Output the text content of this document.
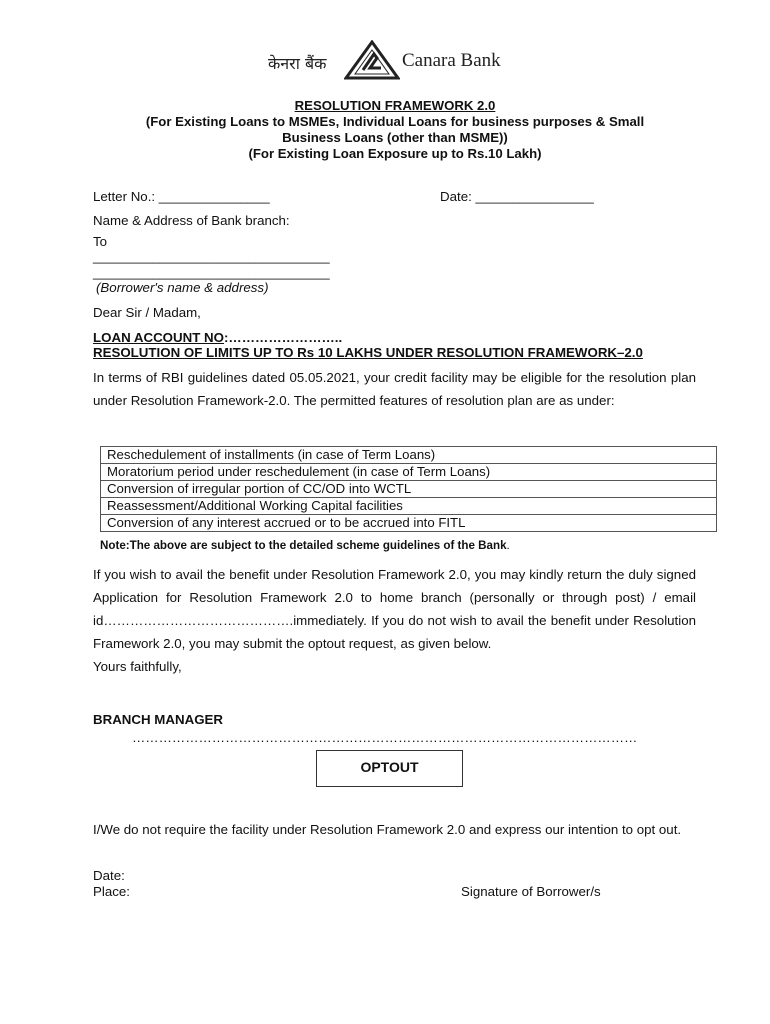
केनरा बैंक	Canara Bank
RESOLUTION FRAMEWORK 2.0
(For Existing Loans to MSMEs, Individual Loans for business purposes & Small
Business Loans (other than MSME))
(For Existing Loan Exposure up to Rs.10 Lakh)
Letter No.: _______________	Date: ________________
Name & Address of Bank branch:
To
________________________________
________________________________
(Borrower's name & address)
Dear Sir / Madam,
LOAN ACCOUNT NO:……………………..
RESOLUTION OF LIMITS UP TO Rs 10 LAKHS UNDER RESOLUTION FRAMEWORK–2.0
In terms of RBI guidelines dated 05.05.2021, your credit facility may be eligible for the resolution plan under Resolution Framework-2.0. The permitted features of resolution plan are as under:
Reschedulement of installments (in case of Term Loans)
Moratorium period under reschedulement (in case of Term Loans)
Conversion of irregular portion of CC/OD into WCTL
Reassessment/Additional Working Capital facilities
Conversion of any interest accrued or to be accrued into FITL
Note:The above are subject to the detailed scheme guidelines of the Bank.
If you wish to avail the benefit under Resolution Framework 2.0, you may kindly return the duly signed Application for Resolution Framework 2.0 to home branch (personally or through post) / email id…………………………………….immediately. If you do not wish to avail the benefit under Resolution Framework 2.0, you may submit the optout request, as given below.
Yours faithfully,
BRANCH MANAGER
……………………………………………………………………………………………………
OPTOUT
I/We do not require the facility under Resolution Framework 2.0 and express our intention to opt out.
Date:
Place:	Signature of Borrower/s
